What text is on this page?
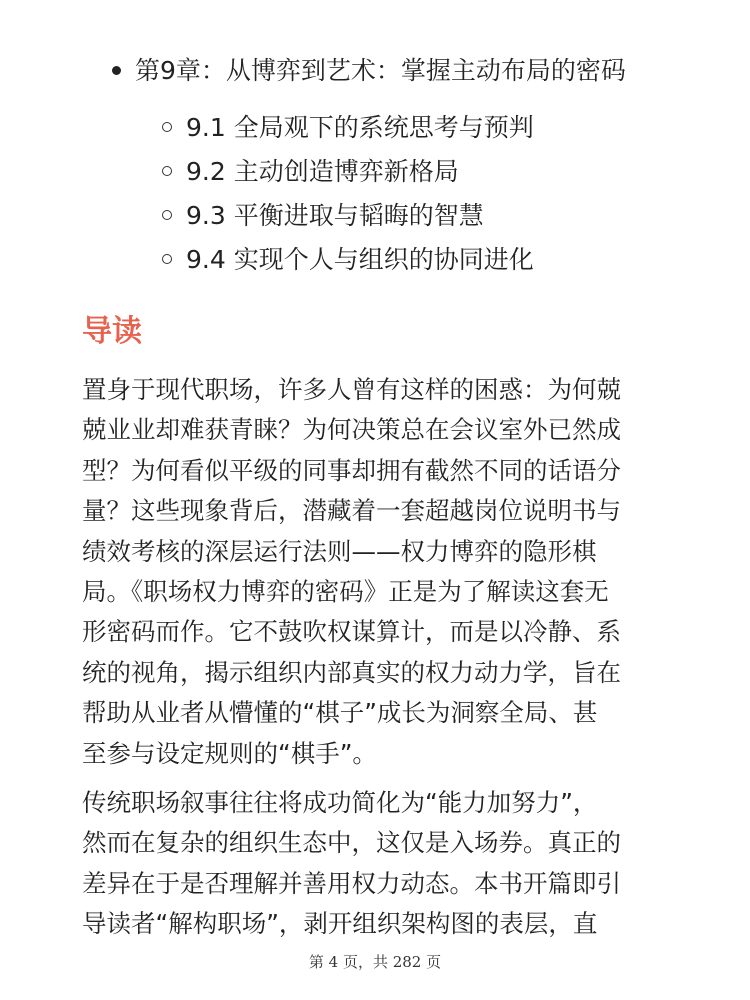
第9章：从博弈到艺术：掌握主动布局的密码
9.1 全局观下的系统思考与预判
9.2 主动创造博弈新格局
9.3 平衡进取与韬晦的智慧
9.4 实现个人与组织的协同进化
导读
置身于现代职场，许多人曾有这样的困惑：为何兢
兢业业却难获青睐？为何决策总在会议室外已然成
型？为何看似平级的同事却拥有截然不同的话语分
量？这些现象背后，潜藏着一套超越岗位说明书与
绩效考核的深层运行法则——权力博弈的隐形棋
局。《职场权力博弈的密码》正是为了解读这套无
形密码而作。它不鼓吹权谋算计，而是以冷静、系
统的视角，揭示组织内部真实的权力动力学，旨在
帮助从业者从懵懂的“棋子”成长为洞察全局、甚
至参与设定规则的“棋手”。
传统职场叙事往往将成功简化为“能力加努力”，
然而在复杂的组织生态中，这仅是入场券。真正的
差异在于是否理解并善用权力动态。本书开篇即引
导读者“解构职场”，剥开组织架构图的表层，直
第 4 页，共 282 页
